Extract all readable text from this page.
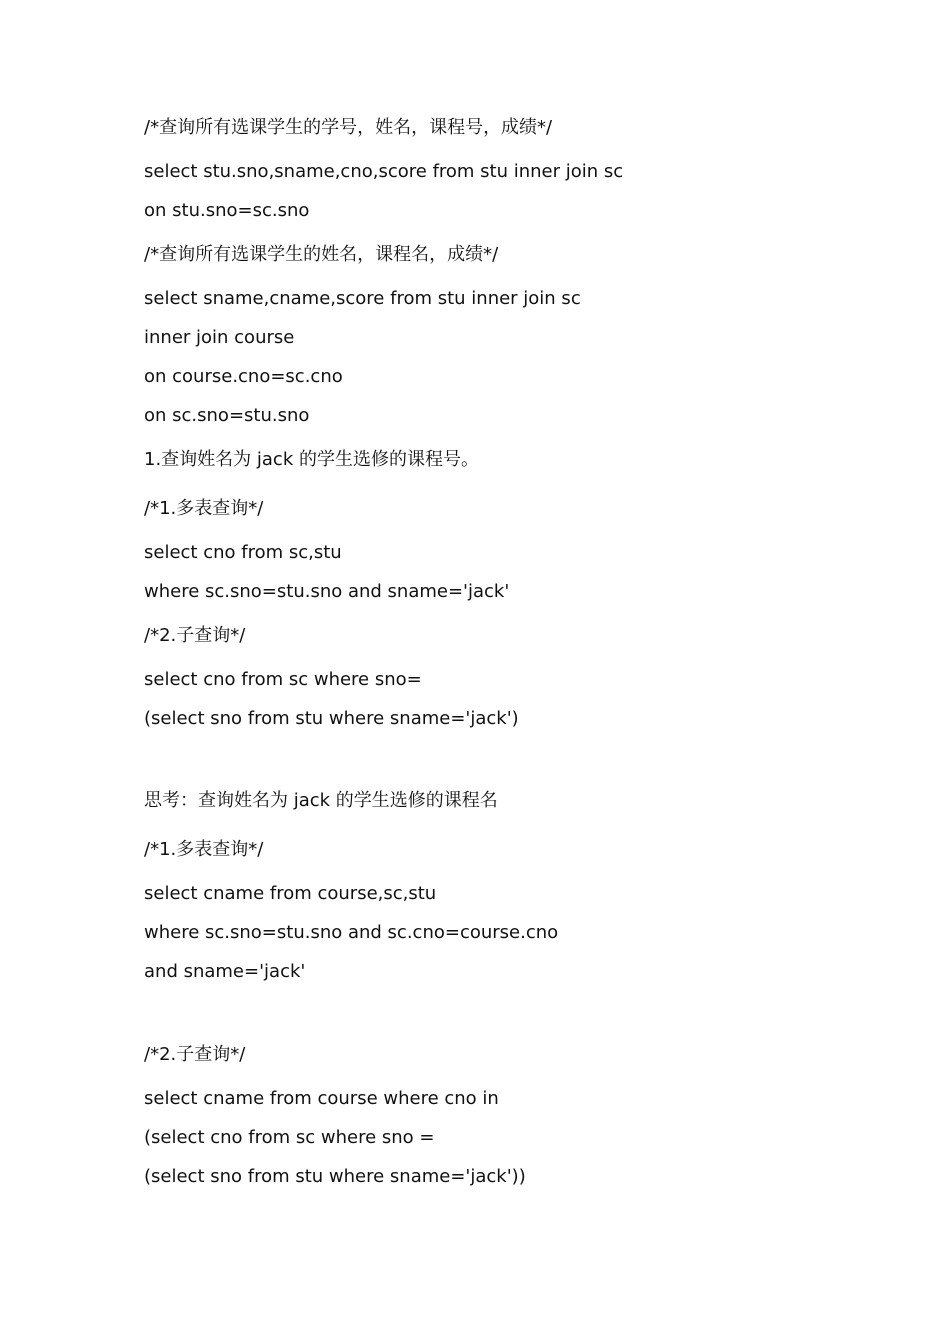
/*查询所有选课学生的学号，姓名，课程号，成绩*/
select stu.sno,sname,cno,score from stu inner join sc
on stu.sno=sc.sno
/*查询所有选课学生的姓名，课程名，成绩*/
select sname,cname,score from stu inner join sc
inner join course
on course.cno=sc.cno
on sc.sno=stu.sno
1.查询姓名为 jack 的学生选修的课程号。
/*1.多表查询*/
select cno from sc,stu
where sc.sno=stu.sno and sname='jack'
/*2.子查询*/
select cno from sc where sno=
(select sno from stu where sname='jack')
思考：查询姓名为 jack 的学生选修的课程名
/*1.多表查询*/
select cname from course,sc,stu
where sc.sno=stu.sno and sc.cno=course.cno
and sname='jack'
/*2.子查询*/
select cname from course where cno in
(select cno from sc where sno =
(select sno from stu where sname='jack'))
